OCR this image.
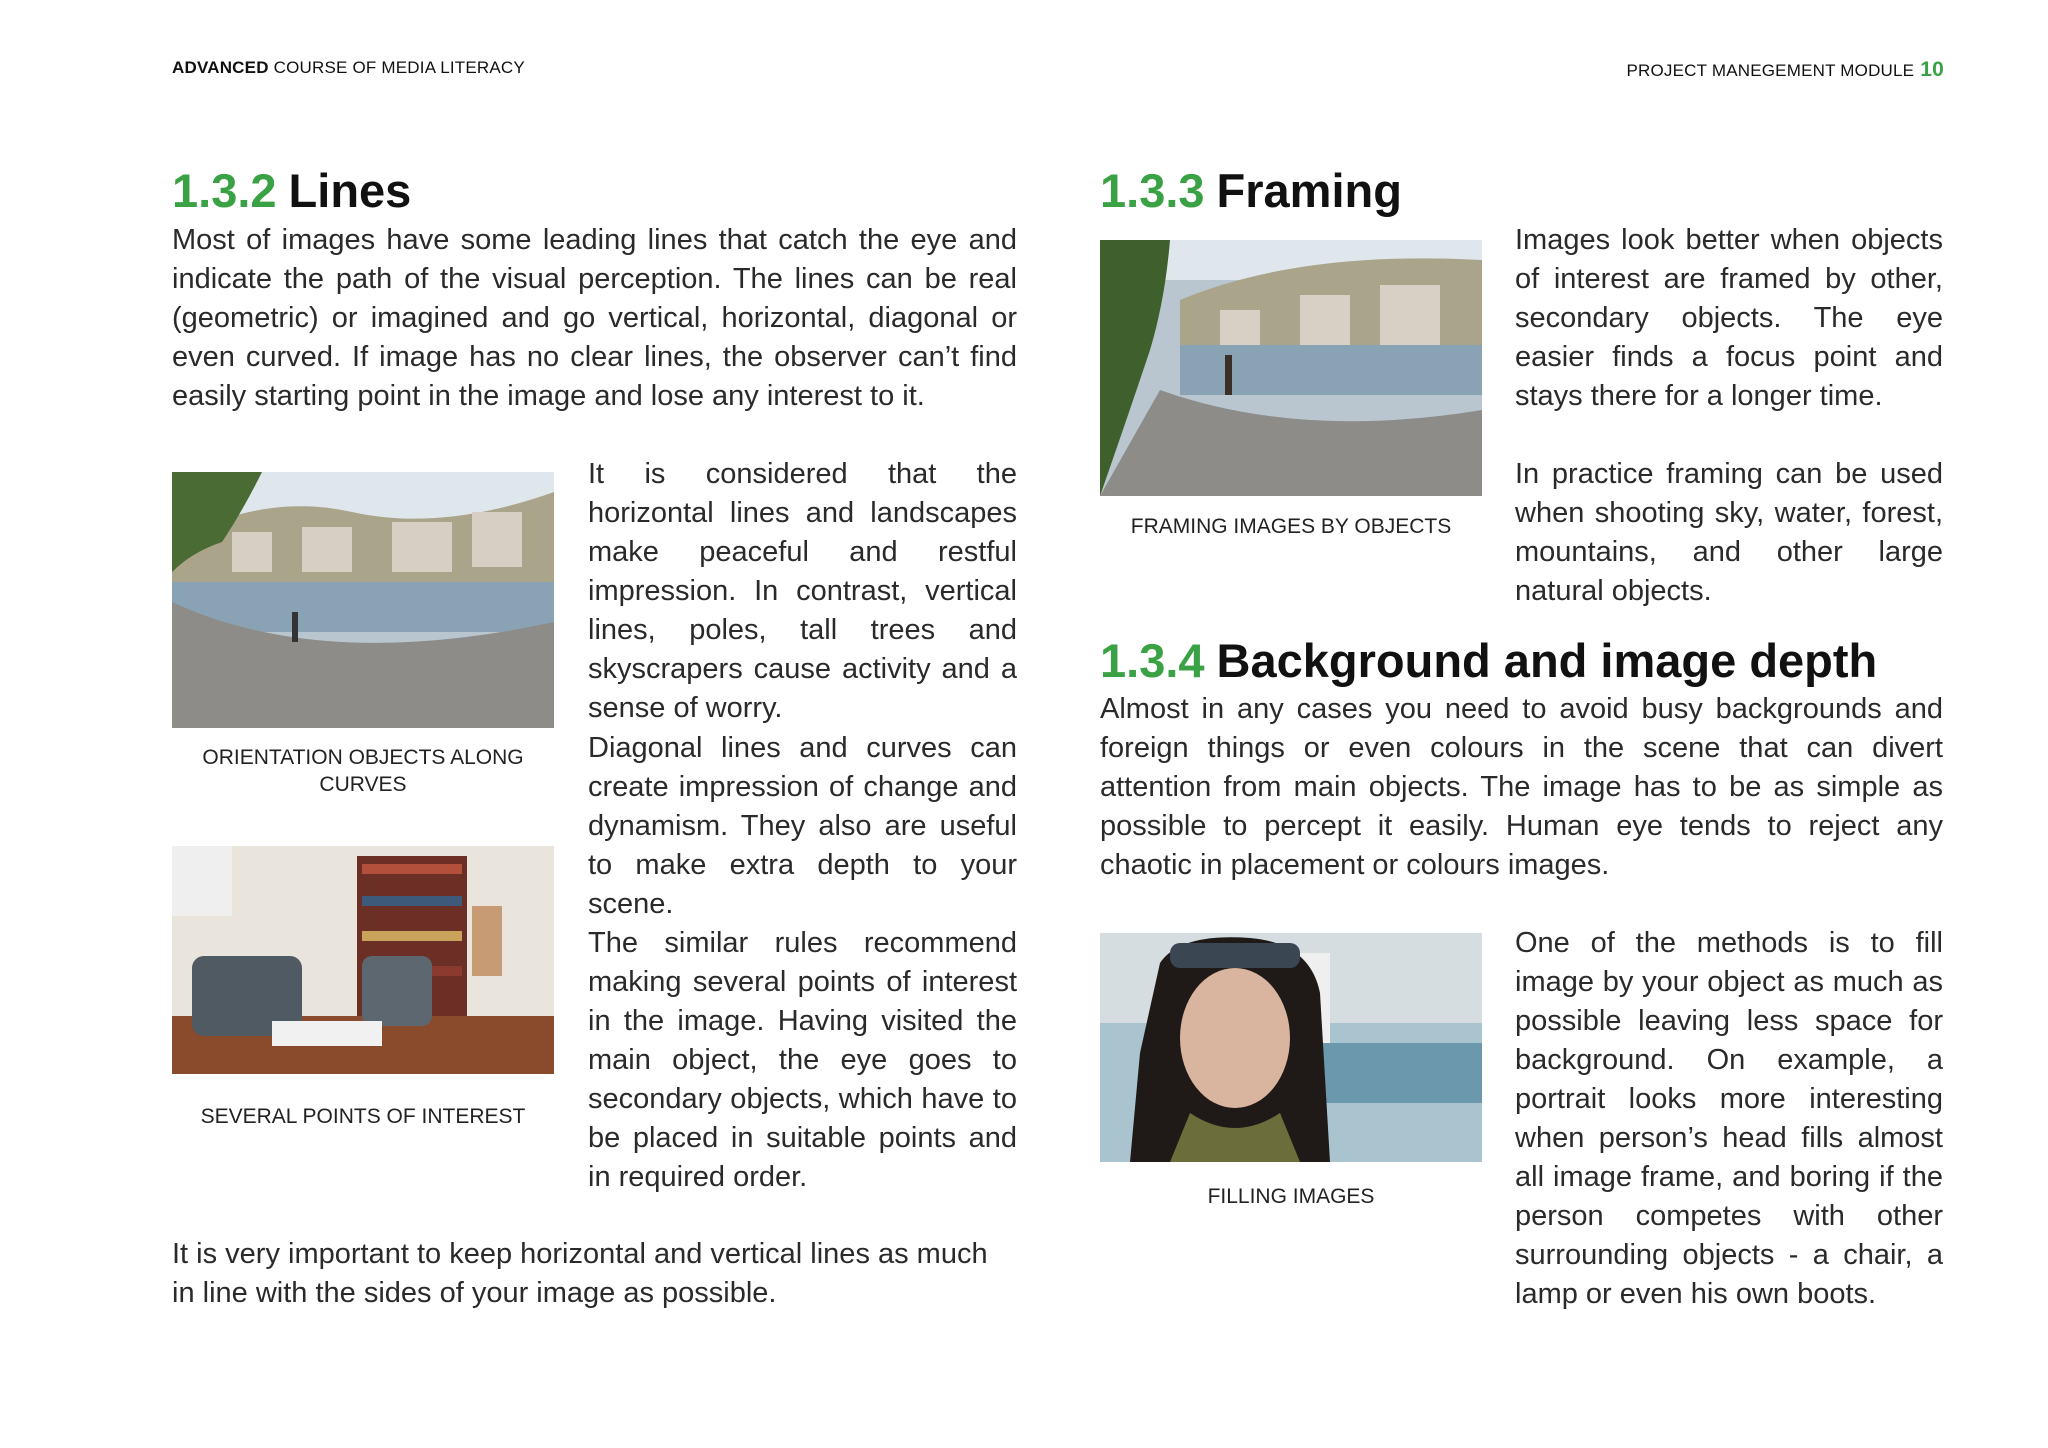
ADVANCED COURSE OF MEDIA LITERACY	PROJECT MANEGEMENT MODULE 10
1.3.2 Lines
Most of images have some leading lines that catch the eye and indicate the path of the visual perception. The lines can be real (geometric) or imagined and go vertical, horizontal, diagonal or even curved. If image has no clear lines, the observer can’t find easily starting point in the image and lose any interest to it.
ORIENTATION OBJECTS ALONG CURVES
SEVERAL POINTS OF INTEREST
It is considered that the horizontal lines and landscapes make peaceful and restful impression. In contrast, vertical lines, poles, tall trees and skyscrapers cause activity and a sense of worry.
Diagonal lines and curves can create impression of change and dynamism. They also are useful to make extra depth to your scene.
The similar rules recommend making several points of interest in the image. Having visited the main object, the eye goes to secondary objects, which have to be placed in suitable points and in required order.
It is very important to keep horizontal and vertical lines as much in line with the sides of your image as possible.
1.3.3 Framing
FRAMING IMAGES BY OBJECTS
Images look better when objects of interest are framed by other, secondary objects. The eye easier finds a focus point and stays there for a longer time.
In practice framing can be used when shooting sky, water, forest, mountains, and other large natural objects.
1.3.4 Background and image depth
Almost in any cases you need to avoid busy backgrounds and foreign things or even colours in the scene that can divert attention from main objects. The image has to be as simple as possible to percept it easily. Human eye tends to reject any chaotic in placement or colours images.
FILLING IMAGES
One of the methods is to fill image by your object as much as possible leaving less space for background. On example, a portrait looks more interesting when person’s head fills almost all image frame, and boring if the person competes with other surrounding objects - a chair, a lamp or even his own boots.
